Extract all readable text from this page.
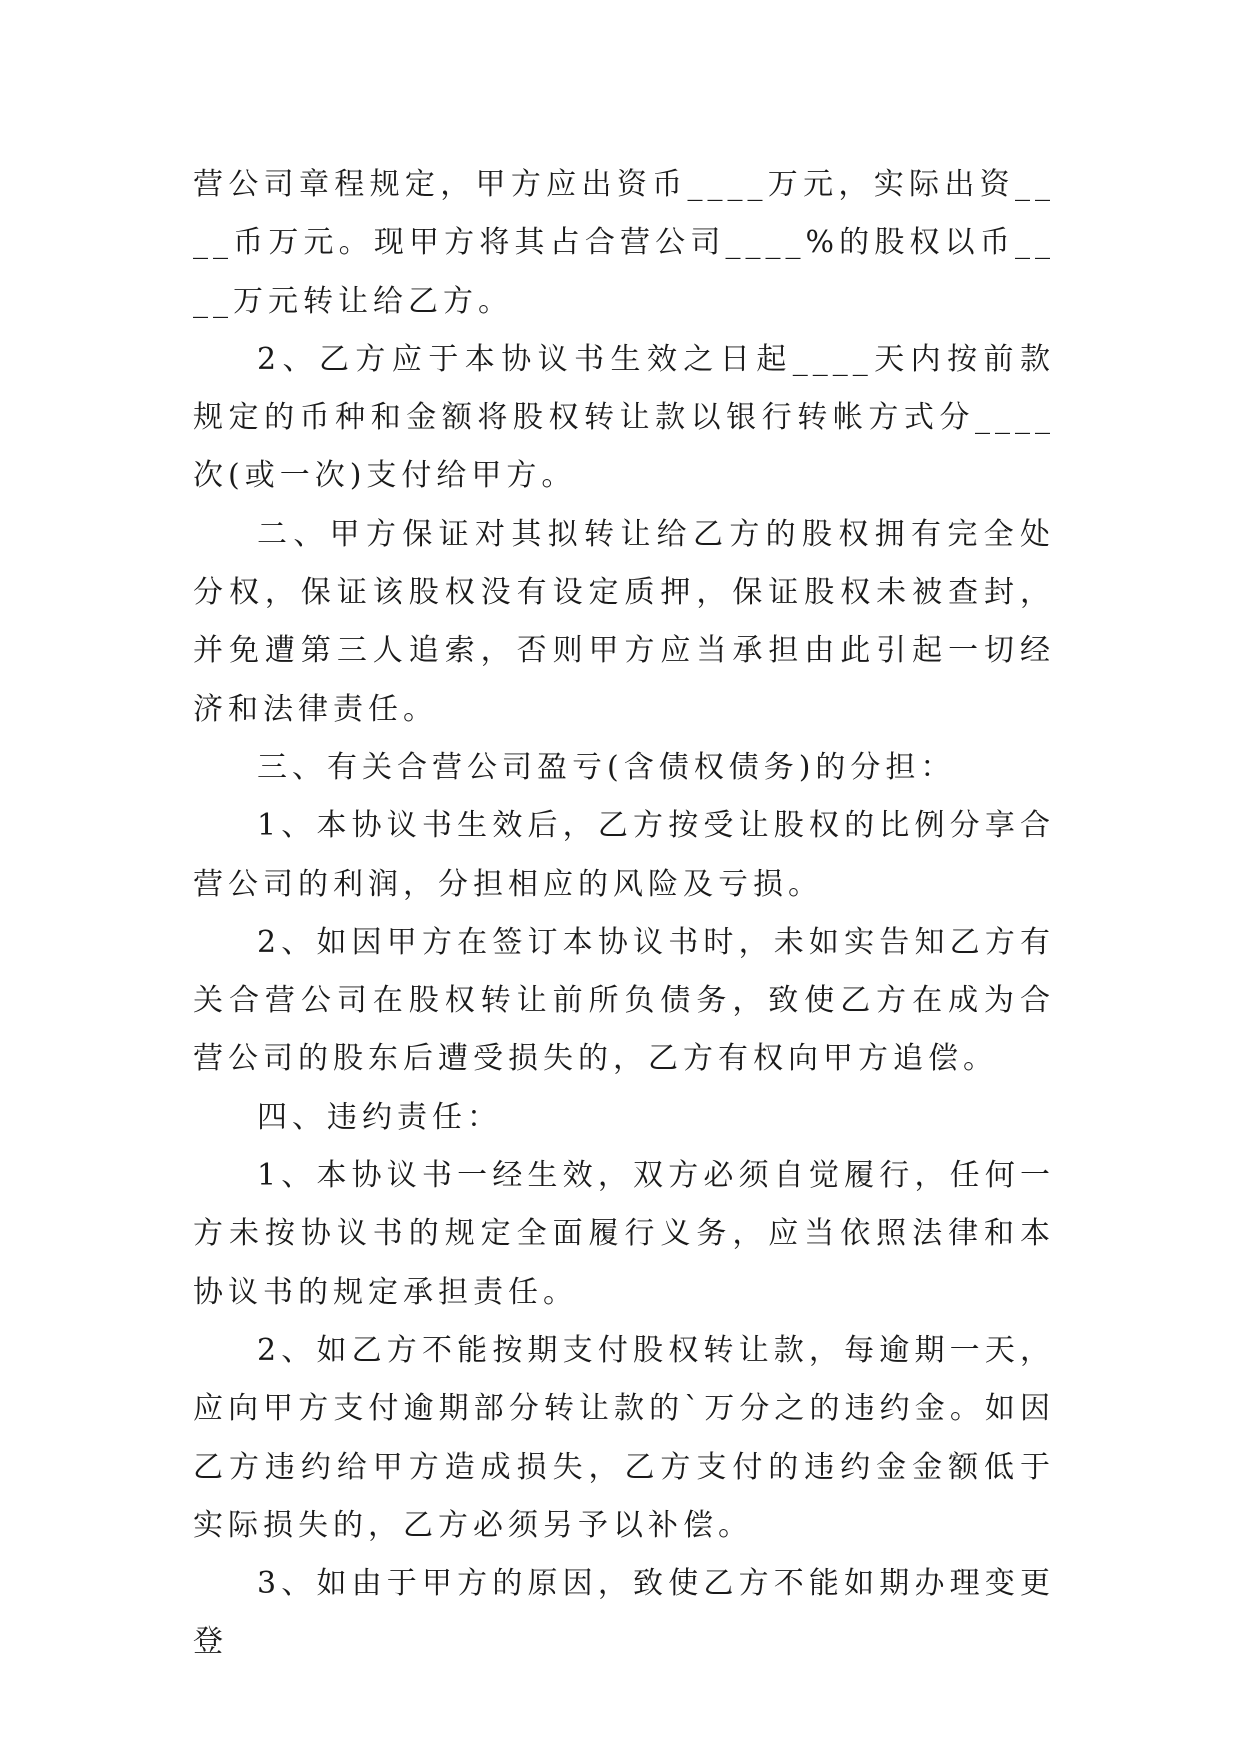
营公司章程规定，甲方应出资币____万元，实际出资____币万元。现甲方将其占合营公司____%的股权以币____万元转让给乙方。

2、乙方应于本协议书生效之日起____天内按前款规定的币种和金额将股权转让款以银行转帐方式分____次(或一次)支付给甲方。

二、甲方保证对其拟转让给乙方的股权拥有完全处分权，保证该股权没有设定质押，保证股权未被查封，并免遭第三人追索，否则甲方应当承担由此引起一切经济和法律责任。

三、有关合营公司盈亏(含债权债务)的分担：

1、本协议书生效后，乙方按受让股权的比例分享合营公司的利润，分担相应的风险及亏损。

2、如因甲方在签订本协议书时，未如实告知乙方有关合营公司在股权转让前所负债务，致使乙方在成为合营公司的股东后遭受损失的，乙方有权向甲方追偿。

四、违约责任：

1、本协议书一经生效，双方必须自觉履行，任何一方未按协议书的规定全面履行义务，应当依照法律和本协议书的规定承担责任。

2、如乙方不能按期支付股权转让款，每逾期一天，应向甲方支付逾期部分转让款的`万分之的违约金。如因乙方违约给甲方造成损失，乙方支付的违约金金额低于实际损失的，乙方必须另予以补偿。

3、如由于甲方的原因，致使乙方不能如期办理变更登
